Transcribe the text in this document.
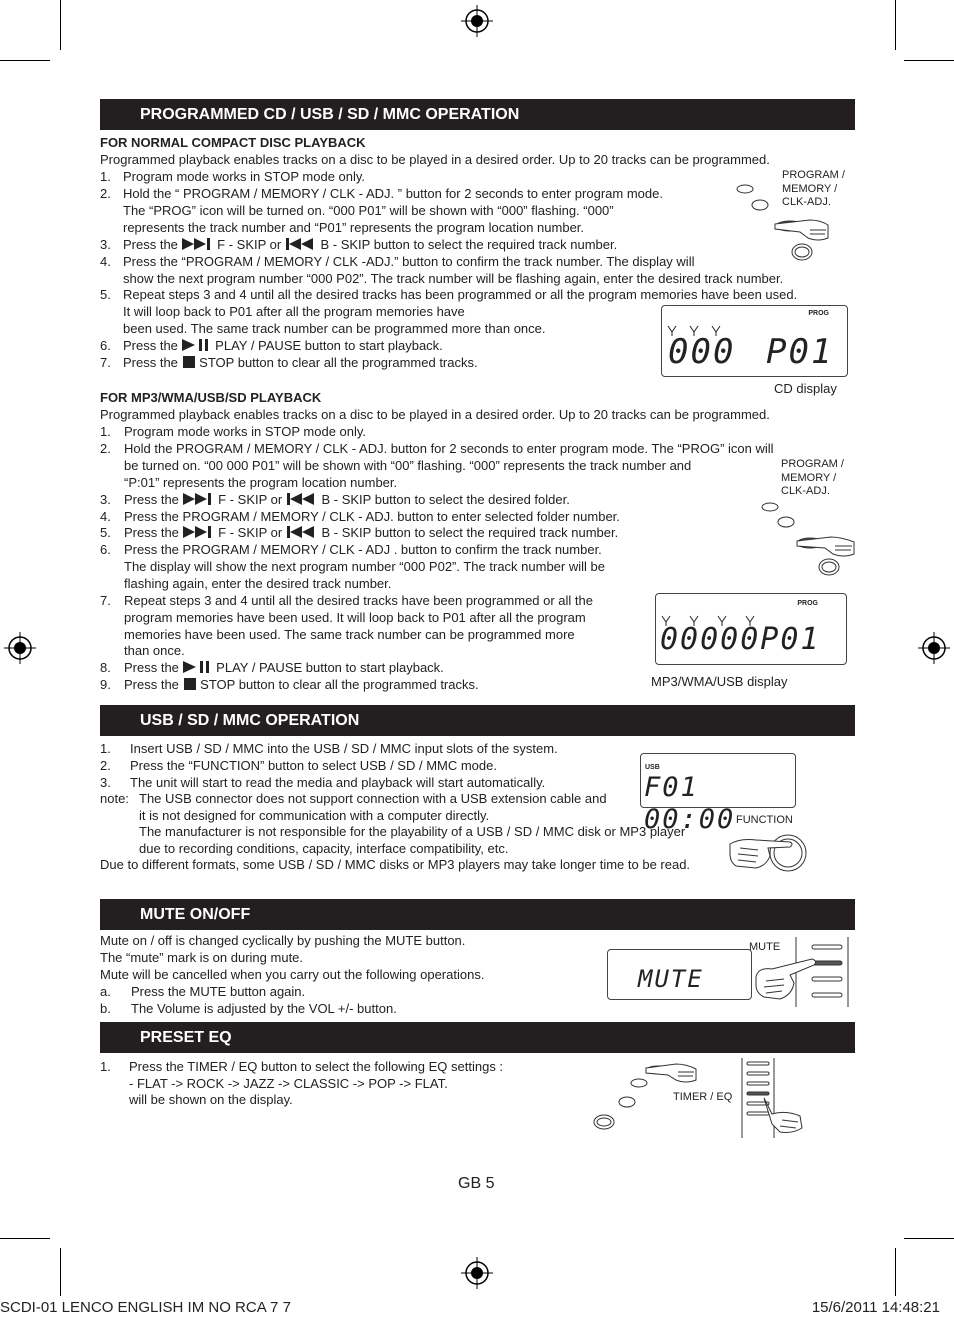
PROGRAMMED CD / USB / SD / MMC OPERATION
FOR NORMAL COMPACT DISC PLAYBACK
Programmed playback enables tracks on a disc to be played in a desired order. Up to 20 tracks can be programmed.
1. Program mode works in STOP mode only.
2. Hold the “ PROGRAM / MEMORY / CLK - ADJ. ” button for 2 seconds to enter program mode.
The “PROG” icon will be turned on. “000 P01” will be shown with “000” flashing. “000”
represents the track number and “P01” represents the program location number.
3. Press the	F - SKIP or	B - SKIP button to select the required track number.
4. Press the “PROGRAM / MEMORY / CLK -ADJ.” button to confirm the track number. The display will
show the next program number “000 P02”. The track number will be flashing again, enter the desired track number.
5. Repeat steps 3 and 4 until all the desired tracks has been programmed or all the program memories have been used.
It will loop back to P01 after all the program memories have
been used. The same track number can be programmed more than once.
6. Press the	PLAY / PAUSE button to start playback.
7. Press the STOP button to clear all the programmed tracks.
PROGRAM /
MEMORY /
CLK-ADJ.
PROG
000 P01
CD display
FOR MP3/WMA/USB/SD PLAYBACK
Programmed playback enables tracks on a disc to be played in a desired order. Up to 20 tracks can be programmed.
1. Program mode works in STOP mode only.
2. Hold the PROGRAM / MEMORY / CLK - ADJ. button for 2 seconds to enter program mode. The “PROG” icon will
be turned on. “00 000 P01” will be shown with “00” flashing. “000” represents the track number and
“P:01” represents the program location number.
3. Press the	F - SKIP or	B - SKIP button to select the desired folder.
4. Press the PROGRAM / MEMORY / CLK - ADJ. button to enter selected folder number.
5. Press the	F - SKIP or	B - SKIP button to select the required track number.
6. Press the PROGRAM / MEMORY / CLK - ADJ . button to confirm the track number.
The display will show the next program number “000 P02”. The track number will be
flashing again, enter the desired track number.
7. Repeat steps 3 and 4 until all the desired tracks have been programmed or all the
program memories have been used. It will loop back to P01 after all the program
memories have been used. The same track number can be programmed more
than once.
8. Press the	PLAY / PAUSE button to start playback.
9. Press the STOP button to clear all the programmed tracks.
PROGRAM /
MEMORY /
CLK-ADJ.
PROG
00000P01
MP3/WMA/USB display
USB / SD / MMC OPERATION
1. Insert USB / SD / MMC into the USB / SD / MMC input slots of the system.
2. Press the “FUNCTION” button to select USB / SD / MMC mode.
3. The unit will start to read the media and playback will start automatically.
note: The USB connector does not support connection with a USB extension cable and
it is not designed for communication with a computer directly.
The manufacturer is not responsible for the playability of a USB / SD / MMC disk or MP3 player
due to recording conditions, capacity, interface compatibility, etc.
Due to different formats, some USB / SD / MMC disks or MP3 players may take longer time to be read.
USB
F01 00:00 FUNCTION
MUTE ON/OFF
Mute on / off is changed cyclically by pushing the MUTE button.
The “mute” mark is on during mute.
Mute will be cancelled when you carry out the following operations.
a. Press the MUTE button again.
b. The Volume is adjusted by the VOL +/- button.
MUTE
MUTE
PRESET EQ
1. Press the TIMER / EQ button to select the following EQ settings :
- FLAT -> ROCK -> JAZZ -> CLASSIC -> POP -> FLAT.
will be shown on the display.	TIMER / EQ
GB 5
SCDI-01 LENCO ENGLISH IM NO RCA 7 7	15/6/2011 14:48:21
